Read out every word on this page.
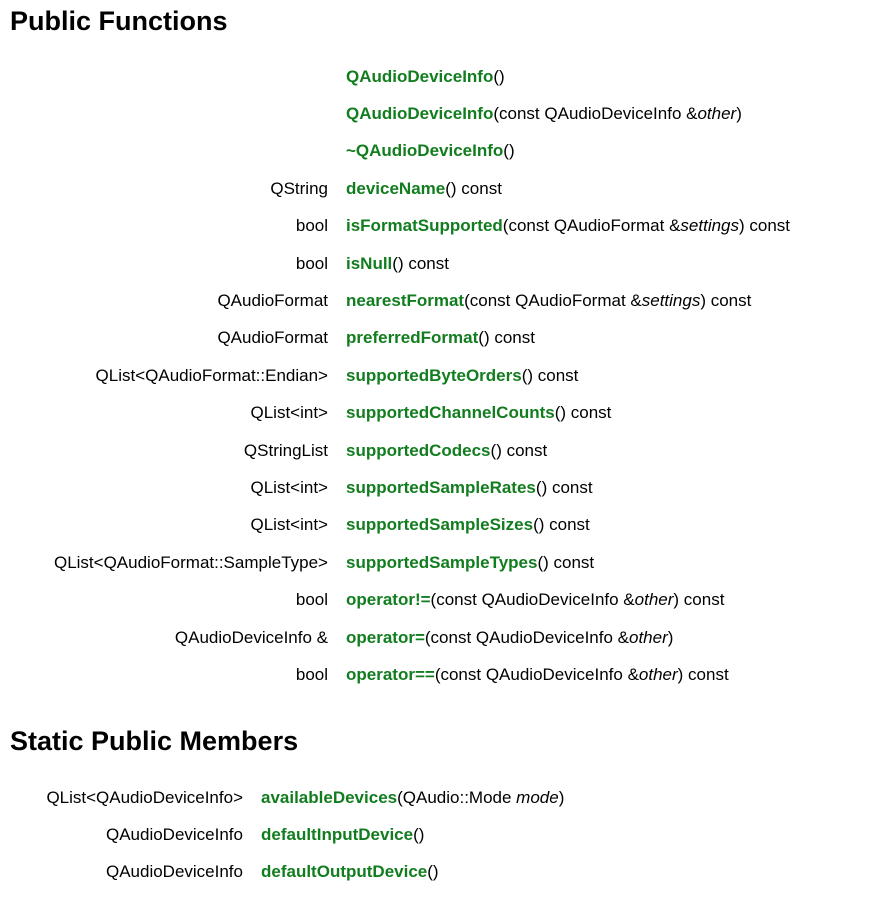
Public Functions
	QAudioDeviceInfo()
	QAudioDeviceInfo(const QAudioDeviceInfo &other)
	~QAudioDeviceInfo()
QString	deviceName() const
bool	isFormatSupported(const QAudioFormat &settings) const
bool	isNull() const
QAudioFormat	nearestFormat(const QAudioFormat &settings) const
QAudioFormat	preferredFormat() const
QList<QAudioFormat::Endian>	supportedByteOrders() const
QList<int>	supportedChannelCounts() const
QStringList	supportedCodecs() const
QList<int>	supportedSampleRates() const
QList<int>	supportedSampleSizes() const
QList<QAudioFormat::SampleType>	supportedSampleTypes() const
bool	operator!=(const QAudioDeviceInfo &other) const
QAudioDeviceInfo &	operator=(const QAudioDeviceInfo &other)
bool	operator==(const QAudioDeviceInfo &other) const
Static Public Members
QList<QAudioDeviceInfo>	availableDevices(QAudio::Mode mode)
QAudioDeviceInfo	defaultInputDevice()
QAudioDeviceInfo	defaultOutputDevice()
